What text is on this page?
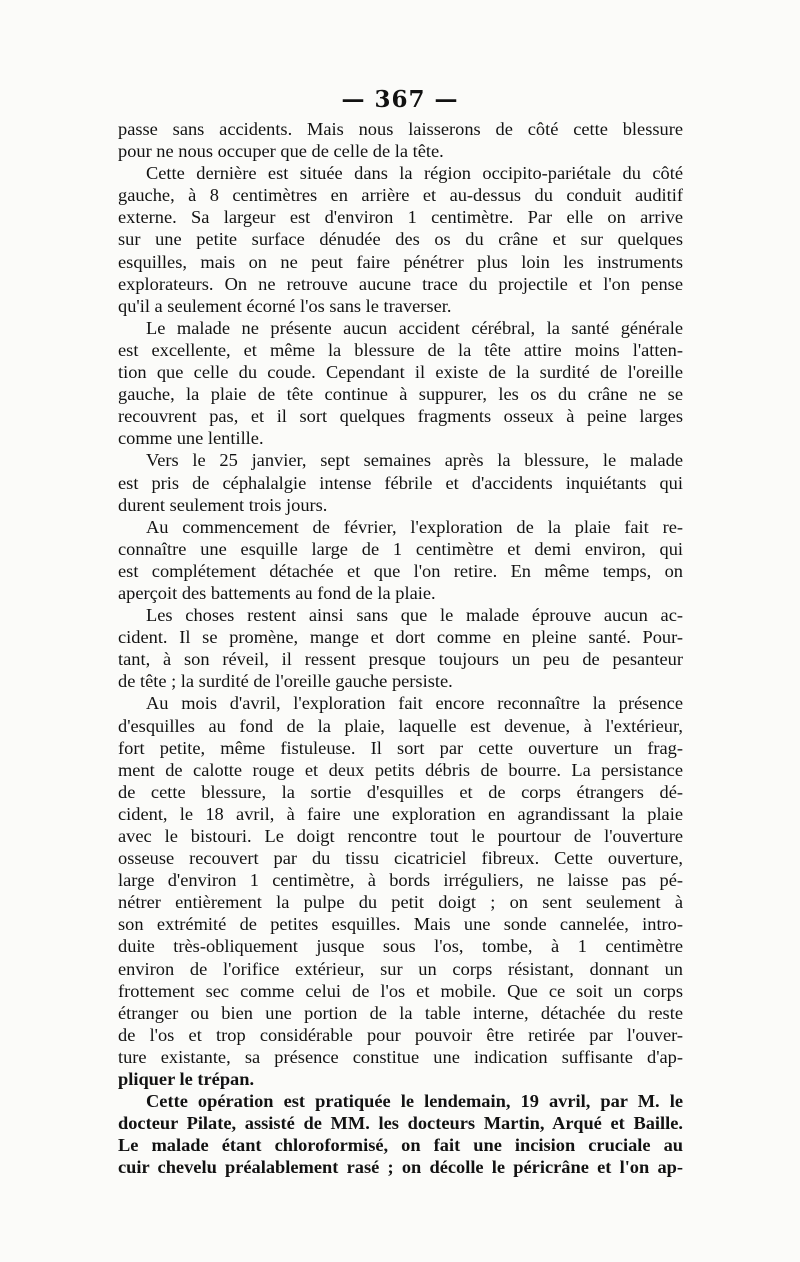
— 367 —

passe sans accidents. Mais nous laisserons de côté cette blessure

pour ne nous occuper que de celle de la tête.

Cette dernière est située dans la région occipito-pariétale du côté

gauche, à 8 centimètres en arrière et au-dessus du conduit auditif

externe. Sa largeur est d'environ 1 centimètre. Par elle on arrive

sur une petite surface dénudée des os du crâne et sur quelques

esquilles, mais on ne peut faire pénétrer plus loin les instruments

explorateurs. On ne retrouve aucune trace du projectile et l'on pense

qu'il a seulement écorné l'os sans le traverser.

Le malade ne présente aucun accident cérébral, la santé générale

est excellente, et même la blessure de la tête attire moins l'atten-

tion que celle du coude. Cependant il existe de la surdité de l'oreille

gauche, la plaie de tête continue à suppurer, les os du crâne ne se

recouvrent pas, et il sort quelques fragments osseux à peine larges

comme une lentille.

Vers le 25 janvier, sept semaines après la blessure, le malade

est pris de céphalalgie intense fébrile et d'accidents inquiétants qui

durent seulement trois jours.

Au commencement de février, l'exploration de la plaie fait re-

connaître une esquille large de 1 centimètre et demi environ, qui

est complétement détachée et que l'on retire. En même temps, on

aperçoit des battements au fond de la plaie.

Les choses restent ainsi sans que le malade éprouve aucun ac-

cident. Il se promène, mange et dort comme en pleine santé. Pour-

tant, à son réveil, il ressent presque toujours un peu de pesanteur

de tête ; la surdité de l'oreille gauche persiste.

Au mois d'avril, l'exploration fait encore reconnaître la présence

d'esquilles au fond de la plaie, laquelle est devenue, à l'extérieur,

fort petite, même fistuleuse. Il sort par cette ouverture un frag-

ment de calotte rouge et deux petits débris de bourre. La persistance

de cette blessure, la sortie d'esquilles et de corps étrangers dé-

cident, le 18 avril, à faire une exploration en agrandissant la plaie

avec le bistouri. Le doigt rencontre tout le pourtour de l'ouverture

osseuse recouvert par du tissu cicatriciel fibreux. Cette ouverture,

large d'environ 1 centimètre, à bords irréguliers, ne laisse pas pé-

nétrer entièrement la pulpe du petit doigt ; on sent seulement à

son extrémité de petites esquilles. Mais une sonde cannelée, intro-

duite très-obliquement jusque sous l'os, tombe, à 1 centimètre

environ de l'orifice extérieur, sur un corps résistant, donnant un

frottement sec comme celui de l'os et mobile. Que ce soit un corps

étranger ou bien une portion de la table interne, détachée du reste

de l'os et trop considérable pour pouvoir être retirée par l'ouver-

ture existante, sa présence constitue une indication suffisante d'ap-

pliquer le trépan.

Cette opération est pratiquée le lendemain, 19 avril, par M. le

docteur Pilate, assisté de MM. les docteurs Martin, Arqué et Baille.

Le malade étant chloroformisé, on fait une incision cruciale au

cuir chevelu préalablement rasé ; on décolle le péricrâne et l'on ap-
